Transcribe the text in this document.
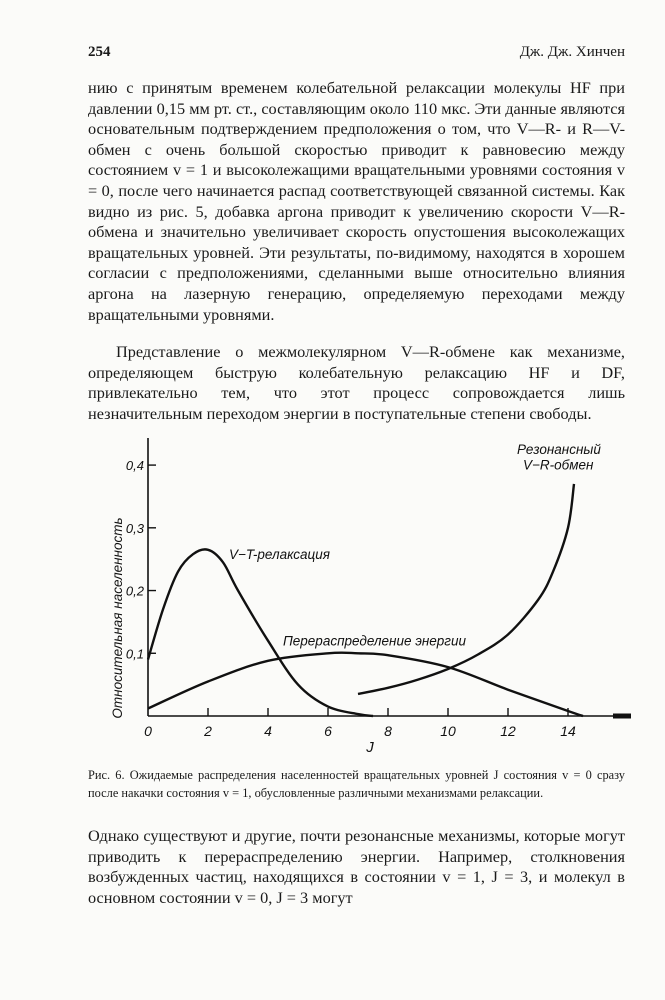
254	Дж. Дж. Хинчен

нию с принятым временем колебательной релаксации молекулы HF при давлении 0,15 мм рт. ст., составляющим около 110 мкс. Эти данные являются основательным подтверждением предположения о том, что V—R- и R—V-обмен с очень большой скоростью приводит к равновесию между состоянием v = 1 и высоколежащими вращательными уровнями состояния v = 0, после чего начинается распад соответствующей связанной системы. Как видно из рис. 5, добавка аргона приводит к увеличению скорости V—R-обмена и значительно увеличивает скорость опустошения высоколежащих вращательных уровней. Эти результаты, по-видимому, находятся в хорошем согласии с предположениями, сделанными выше относительно влияния аргона на лазерную генерацию, определяемую переходами между вращательными уровнями.

Представление о межмолекулярном V—R-обмене как механизме, определяющем быструю колебательную релаксацию HF и DF, привлекательно тем, что этот процесс сопровождается лишь незначительным переходом энергии в поступательные степени свободы.

0	2	4	6	8	10	12	14
0,1
0,2
0,3
0,4
J
Относительная населенность	V−T-релаксация
Перераспределение энергии
Резонансный
V−R-обмен
Рис. 6. Ожидаемые распределения населенностей вращательных уровней J состояния v = 0 сразу после накачки состояния v = 1, обусловленные различными механизмами релаксации.

Однако существуют и другие, почти резонансные механизмы, которые могут приводить к перераспределению энергии. Например, столкновения возбужденных частиц, находящихся в состоянии v = 1, J = 3, и молекул в основном состоянии v = 0, J = 3 могут
